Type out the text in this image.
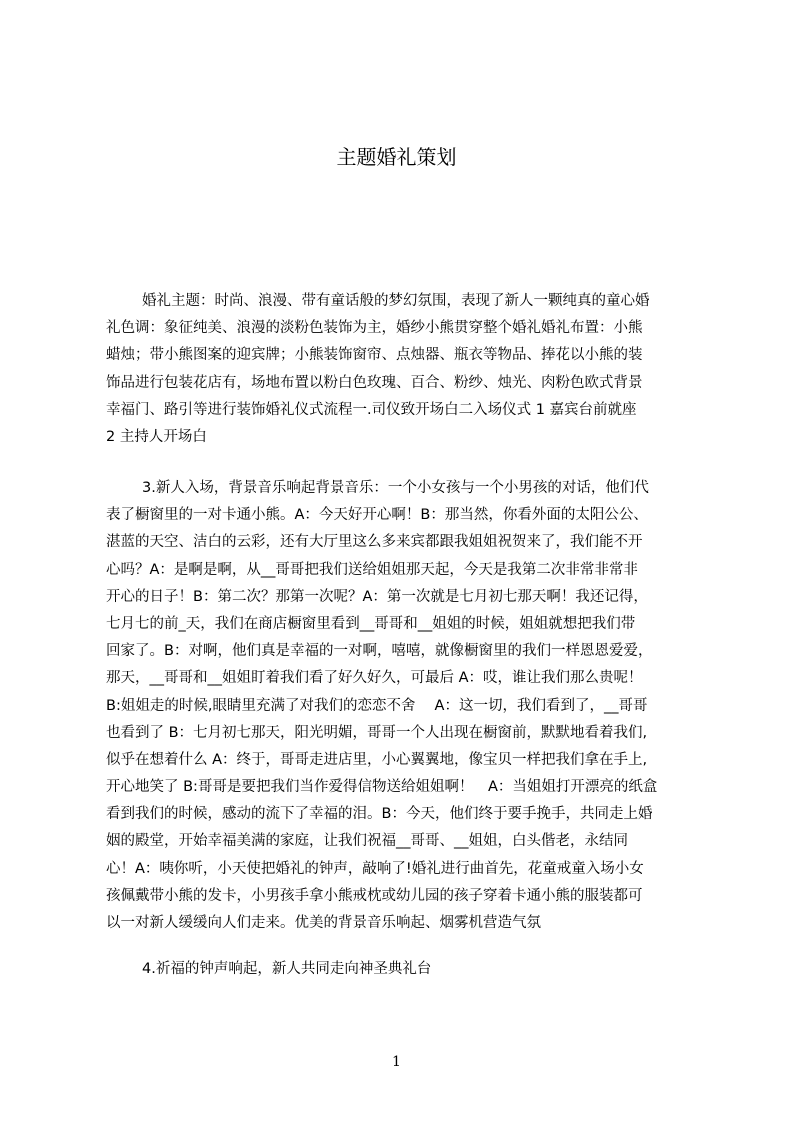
主题婚礼策划
婚礼主题：时尚、浪漫、带有童话般的梦幻氛围，表现了新人一颗纯真的童心婚
礼色调：象征纯美、浪漫的淡粉色装饰为主，婚纱小熊贯穿整个婚礼婚礼布置：小熊
蜡烛；带小熊图案的迎宾牌；小熊装饰窗帘、点烛器、瓶衣等物品、捧花以小熊的装
饰品进行包装花店有，场地布置以粉白色玫瑰、百合、粉纱、烛光、肉粉色欧式背景
幸福门、路引等进行装饰婚礼仪式流程一.司仪致开场白二入场仪式 1 嘉宾台前就座
2 主持人开场白
3.新人入场，背景音乐响起背景音乐：一个小女孩与一个小男孩的对话，他们代
表了橱窗里的一对卡通小熊。A：今天好开心啊！B：那当然，你看外面的太阳公公、
湛蓝的天空、洁白的云彩，还有大厅里这么多来宾都跟我姐姐祝贺来了，我们能不开
心吗？A：是啊是啊，从__哥哥把我们送给姐姐那天起，今天是我第二次非常非常非
开心的日子！B：第二次？那第一次呢？A：第一次就是七月初七那天啊！我还记得，
七月七的前_天，我们在商店橱窗里看到__哥哥和__姐姐的时候，姐姐就想把我们带
回家了。B：对啊，他们真是幸福的一对啊，嘻嘻，就像橱窗里的我们一样恩恩爱爱，
那天，__哥哥和__姐姐盯着我们看了好久好久，可最后 A：哎，谁让我们那么贵呢！
B:姐姐走的时候,眼睛里充满了对我们的恋恋不舍　 A：这一切，我们看到了，__哥哥
也看到了 B：七月初七那天，阳光明媚，哥哥一个人出现在橱窗前，默默地看着我们,
似乎在想着什么 A：终于，哥哥走进店里，小心翼翼地，像宝贝一样把我们拿在手上,
开心地笑了 B:哥哥是要把我们当作爱得信物送给姐姐啊！　A：当姐姐打开漂亮的纸盒
看到我们的时候，感动的流下了幸福的泪。B：今天，他们终于要手挽手，共同走上婚
姻的殿堂，开始幸福美满的家庭，让我们祝福__哥哥、__姐姐，白头偕老，永结同
心！A：咦你听，小天使把婚礼的钟声，敲响了!婚礼进行曲首先，花童戒童入场小女
孩佩戴带小熊的发卡，小男孩手拿小熊戒枕或幼儿园的孩子穿着卡通小熊的服装都可
以一对新人缓缓向人们走来。优美的背景音乐响起、烟雾机营造气氛
4.祈福的钟声响起，新人共同走向神圣典礼台
1
